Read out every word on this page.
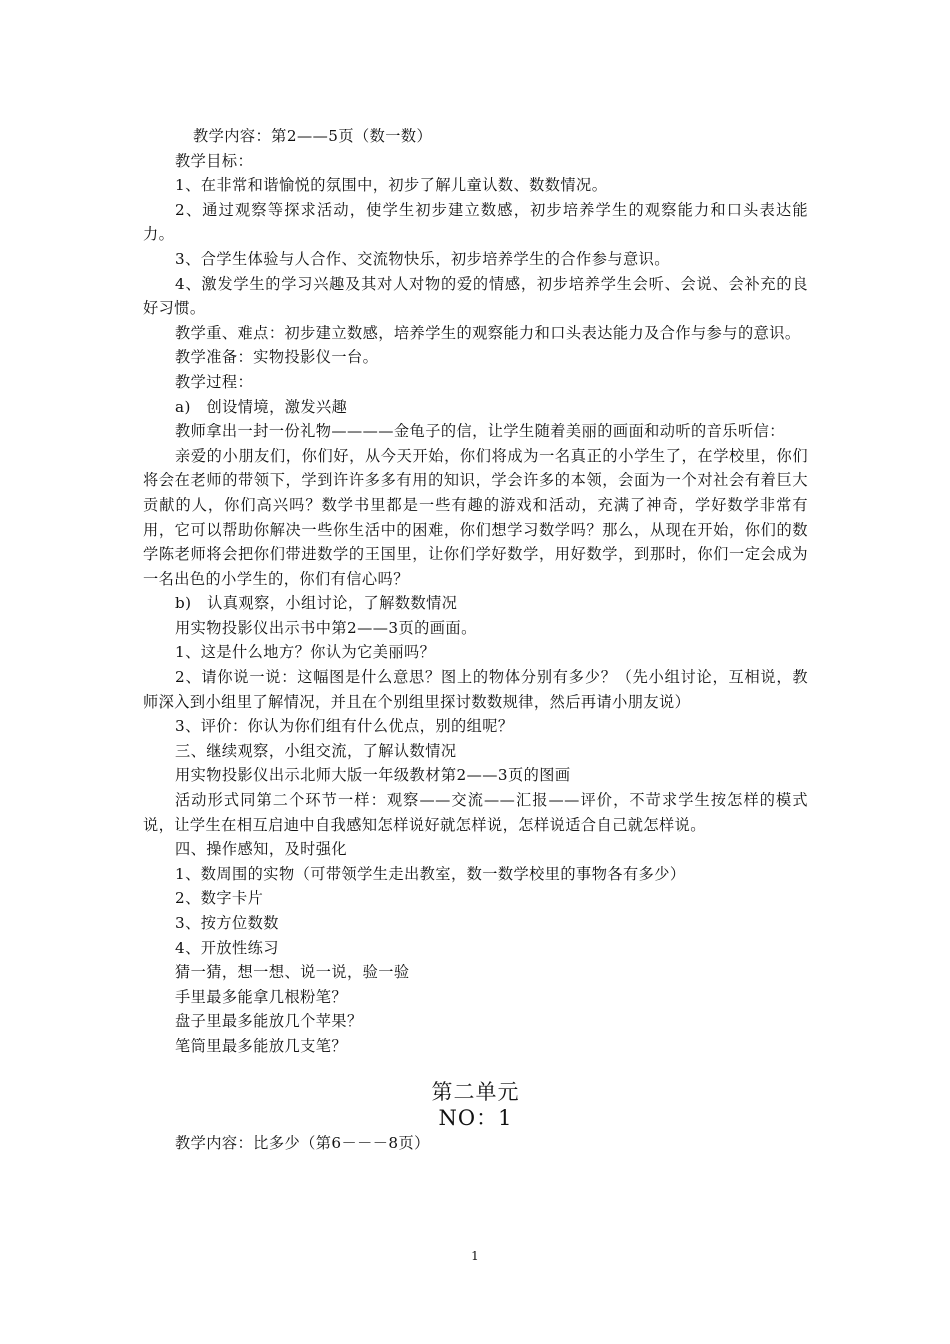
教学内容：第2——5页（数一数）

教学目标：

1、在非常和谐愉悦的氛围中，初步了解儿童认数、数数情况。

2、通过观察等探求活动，使学生初步建立数感，初步培养学生的观察能力和口头表达能力。

3、合学生体验与人合作、交流物快乐，初步培养学生的合作参与意识。

4、激发学生的学习兴趣及其对人对物的爱的情感，初步培养学生会听、会说、会补充的良好习惯。

教学重、难点：初步建立数感，培养学生的观察能力和口头表达能力及合作与参与的意识。

教学准备：实物投影仪一台。

教学过程：

a)　创设情境，激发兴趣

教师拿出一封一份礼物————金龟子的信，让学生随着美丽的画面和动听的音乐听信：

亲爱的小朋友们，你们好，从今天开始，你们将成为一名真正的小学生了，在学校里，你们将会在老师的带领下，学到许许多多有用的知识，学会许多的本领，会面为一个对社会有着巨大贡献的人，你们高兴吗？数学书里都是一些有趣的游戏和活动，充满了神奇，学好数学非常有用，它可以帮助你解决一些你生活中的困难，你们想学习数学吗？那么，从现在开始，你们的数学陈老师将会把你们带进数学的王国里，让你们学好数学，用好数学，到那时，你们一定会成为一名出色的小学生的，你们有信心吗？

b)　认真观察，小组讨论，了解数数情况

用实物投影仪出示书中第2——3页的画面。

1、这是什么地方？你认为它美丽吗？

2、请你说一说：这幅图是什么意思？图上的物体分别有多少？（先小组讨论，互相说，教师深入到小组里了解情况，并且在个别组里探讨数数规律，然后再请小朋友说）

3、评价：你认为你们组有什么优点，别的组呢？

三、继续观察，小组交流，了解认数情况

用实物投影仪出示北师大版一年级教材第2——3页的图画

活动形式同第二个环节一样：观察——交流——汇报——评价，不苛求学生按怎样的模式说，让学生在相互启迪中自我感知怎样说好就怎样说，怎样说适合自己就怎样说。

四、操作感知，及时强化

1、数周围的实物（可带领学生走出教室，数一数学校里的事物各有多少）

2、数字卡片

3、按方位数数

4、开放性练习

猜一猜，想一想、说一说，验一验

手里最多能拿几根粉笔？

盘子里最多能放几个苹果？

笔筒里最多能放几支笔？

第二单元

NO：1

教学内容：比多少（第6－－－8页）

1
